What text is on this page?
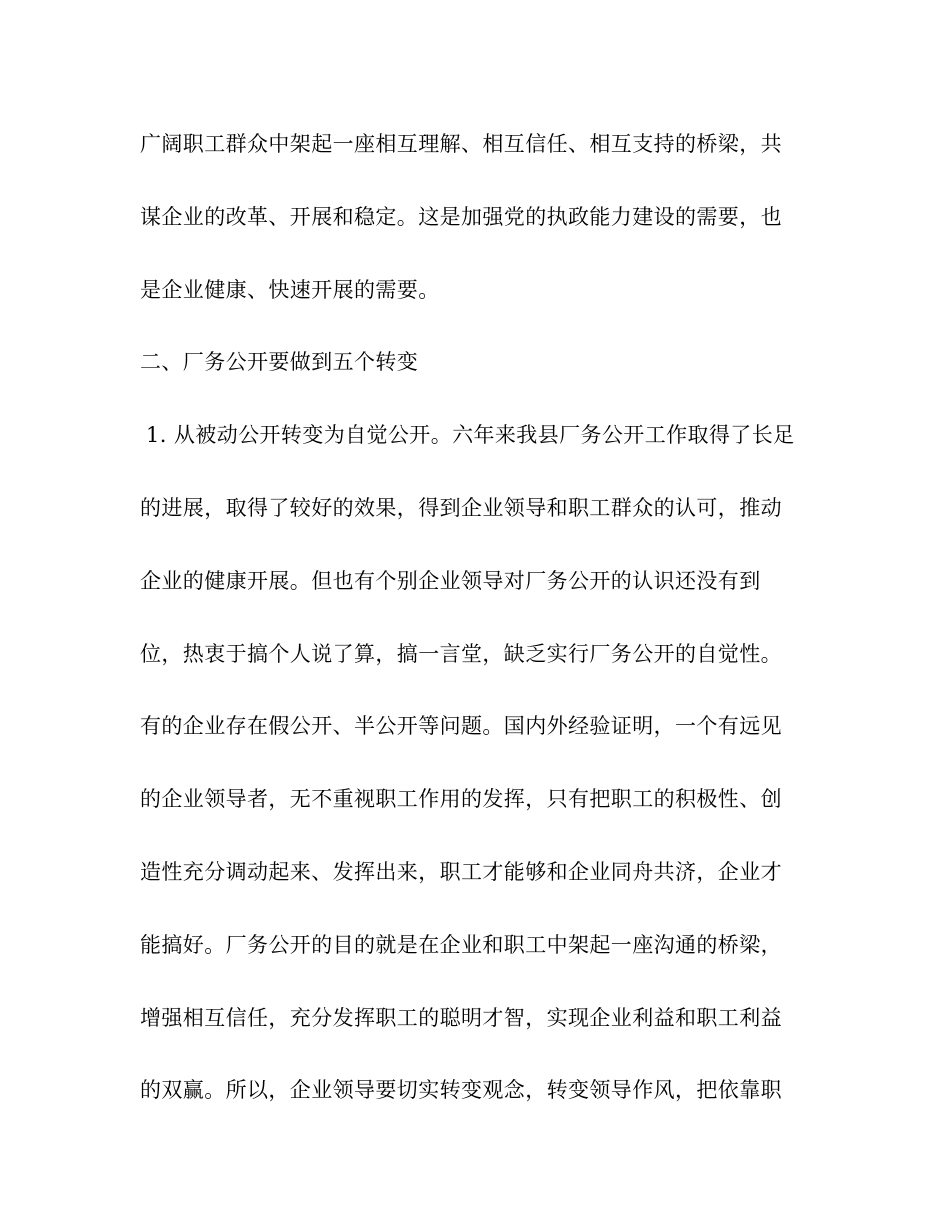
广阔职工群众中架起一座相互理解、相互信任、相互支持的桥梁，共
谋企业的改革、开展和稳定。这是加强党的执政能力建设的需要，也
是企业健康、快速开展的需要。
二、厂务公开要做到五个转变
1. 从被动公开转变为自觉公开。六年来我县厂务公开工作取得了长足
的进展，取得了较好的效果，得到企业领导和职工群众的认可，推动
企业的健康开展。但也有个别企业领导对厂务公开的认识还没有到
位，热衷于搞个人说了算，搞一言堂，缺乏实行厂务公开的自觉性。
有的企业存在假公开、半公开等问题。国内外经验证明，一个有远见
的企业领导者，无不重视职工作用的发挥，只有把职工的积极性、创
造性充分调动起来、发挥出来，职工才能够和企业同舟共济，企业才
能搞好。厂务公开的目的就是在企业和职工中架起一座沟通的桥梁，
增强相互信任，充分发挥职工的聪明才智，实现企业利益和职工利益
的双赢。所以，企业领导要切实转变观念，转变领导作风，把依靠职
